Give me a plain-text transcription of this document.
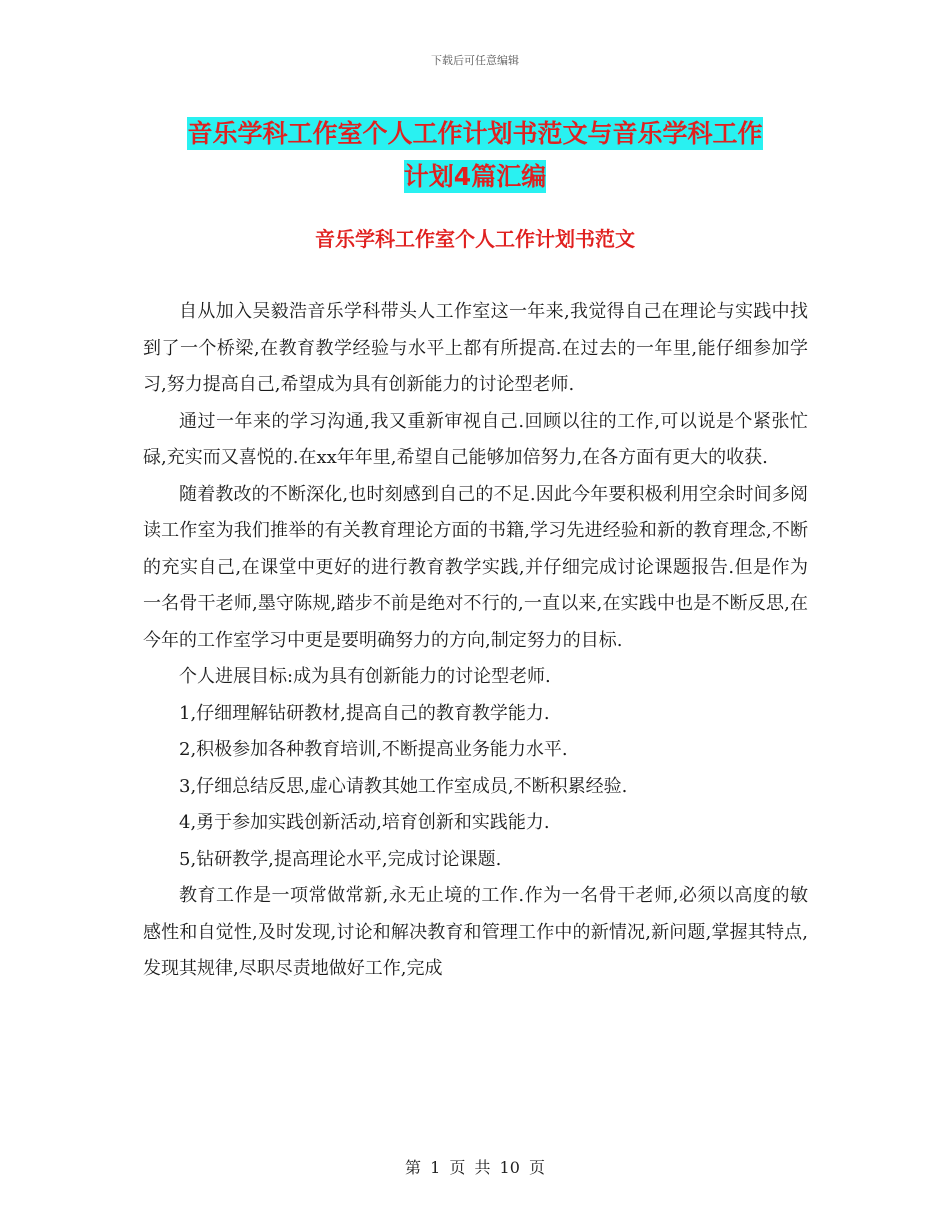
下载后可任意编辑
音乐学科工作室个人工作计划书范文与音乐学科工作
计划4篇汇编
音乐学科工作室个人工作计划书范文

自从加入吴毅浩音乐学科带头人工作室这一年来,我觉得自己在理论与实践中找到了一个桥梁,在教育教学经验与水平上都有所提高.在过去的一年里,能仔细参加学习,努力提高自己,希望成为具有创新能力的讨论型老师.

通过一年来的学习沟通,我又重新审视自己.回顾以往的工作,可以说是个紧张忙碌,充实而又喜悦的.在xx年年里,希望自己能够加倍努力,在各方面有更大的收获.

随着教改的不断深化,也时刻感到自己的不足.因此今年要积极利用空余时间多阅读工作室为我们推举的有关教育理论方面的书籍,学习先进经验和新的教育理念,不断的充实自己,在课堂中更好的进行教育教学实践,并仔细完成讨论课题报告.但是作为一名骨干老师,墨守陈规,踏步不前是绝对不行的,一直以来,在实践中也是不断反思,在今年的工作室学习中更是要明确努力的方向,制定努力的目标.

个人进展目标:成为具有创新能力的讨论型老师.

1,仔细理解钻研教材,提高自己的教育教学能力.

2,积极参加各种教育培训,不断提高业务能力水平.

3,仔细总结反思,虚心请教其她工作室成员,不断积累经验.

4,勇于参加实践创新活动,培育创新和实践能力.

5,钻研教学,提高理论水平,完成讨论课题.

教育工作是一项常做常新,永无止境的工作.作为一名骨干老师,必须以高度的敏感性和自觉性,及时发现,讨论和解决教育和管理工作中的新情况,新问题,掌握其特点,发现其规律,尽职尽责地做好工作,完成

第 1 页 共 10 页
